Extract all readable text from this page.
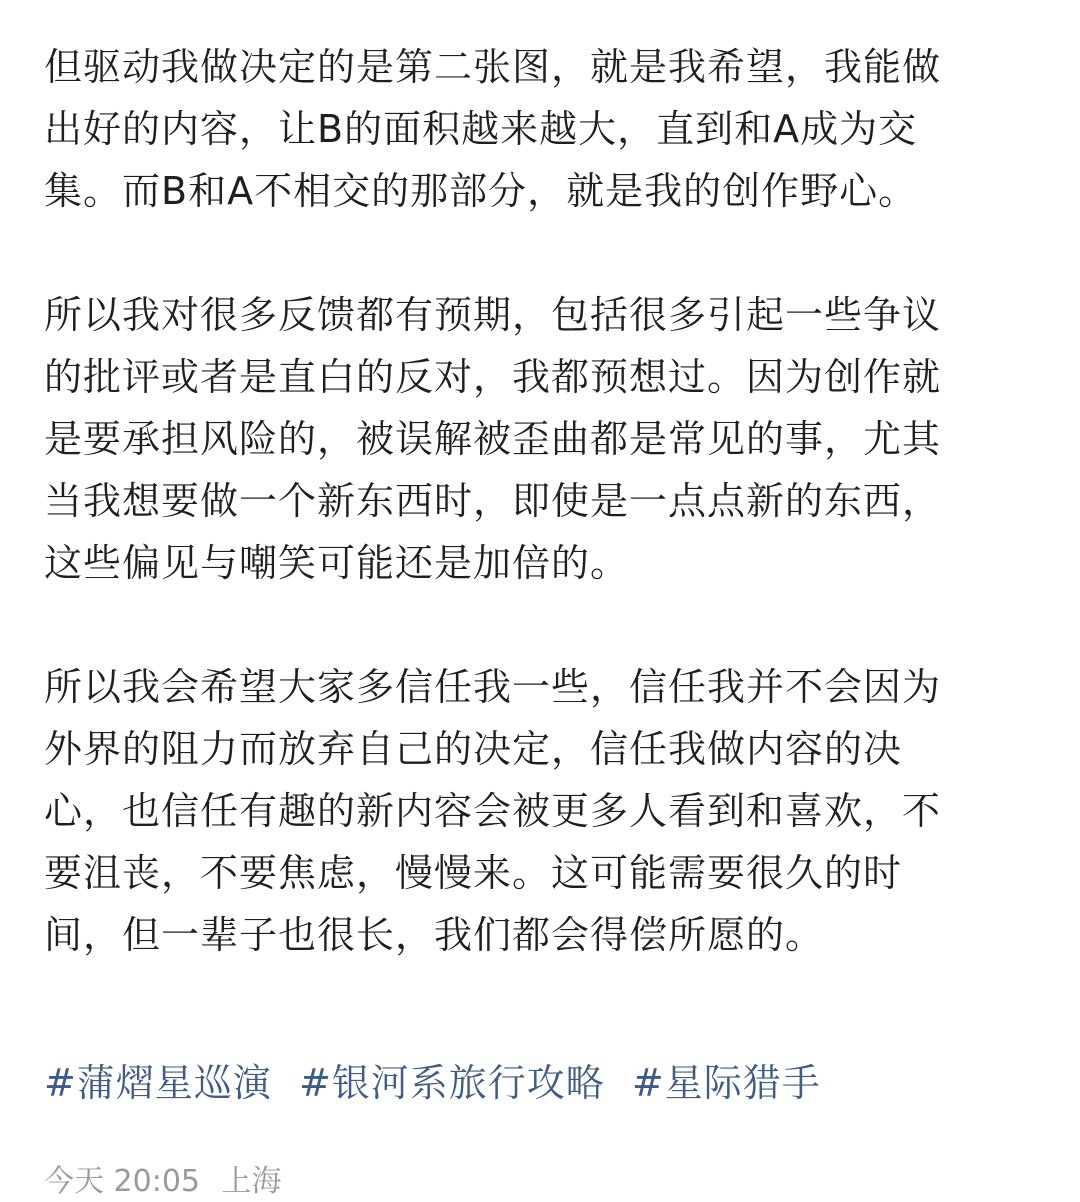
但驱动我做决定的是第二张图，就是我希望，我能做
出好的内容，让B的面积越来越大，直到和A成为交
集。而B和A不相交的那部分，就是我的创作野心。

所以我对很多反馈都有预期，包括很多引起一些争议
的批评或者是直白的反对，我都预想过。因为创作就
是要承担风险的，被误解被歪曲都是常见的事，尤其
当我想要做一个新东西时，即使是一点点新的东西，
这些偏见与嘲笑可能还是加倍的。

所以我会希望大家多信任我一些，信任我并不会因为
外界的阻力而放弃自己的决定，信任我做内容的决
心，也信任有趣的新内容会被更多人看到和喜欢，不
要沮丧，不要焦虑，慢慢来。这可能需要很久的时
间，但一辈子也很长，我们都会得偿所愿的。

#蒲熠星巡演 #银河系旅行攻略 #星际猎手
今天 20:05 上海
